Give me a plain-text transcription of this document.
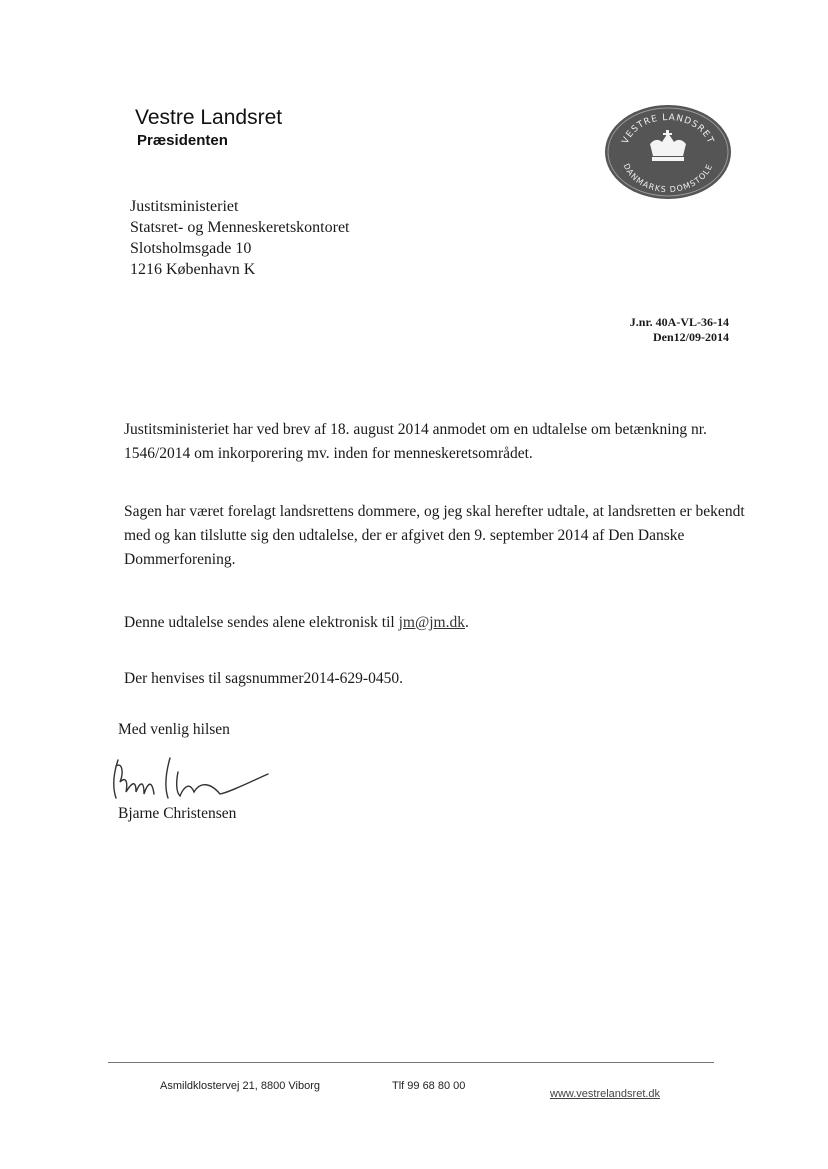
Vestre Landsret
Præsidenten	VESTRE LANDSRET
DANMARKS DOMSTOLE
Justitsministeriet
Statsret- og Menneskeretskontoret
Slotsholmsgade 10
1216 København K
J.nr. 40A-VL-36-14
Den12/09-2014
Justitsministeriet har ved brev af 18. august 2014 anmodet om en udtalelse om betænkning nr. 1546/2014 om inkorporering mv. inden for menneskeretsområdet.
Sagen har været forelagt landsrettens dommere, og jeg skal herefter udtale, at landsretten er bekendt med og kan tilslutte sig den udtalelse, der er afgivet den 9. september 2014 af Den Danske Dommerforening.
Denne udtalelse sendes alene elektronisk til jm@jm.dk.
Der henvises til sagsnummer2014-629-0450.
Med venlig hilsen
Bjarne Christensen
Asmildklostervej 21, 8800 Viborg	Tlf 99 68 80 00
www.vestrelandsret.dk
